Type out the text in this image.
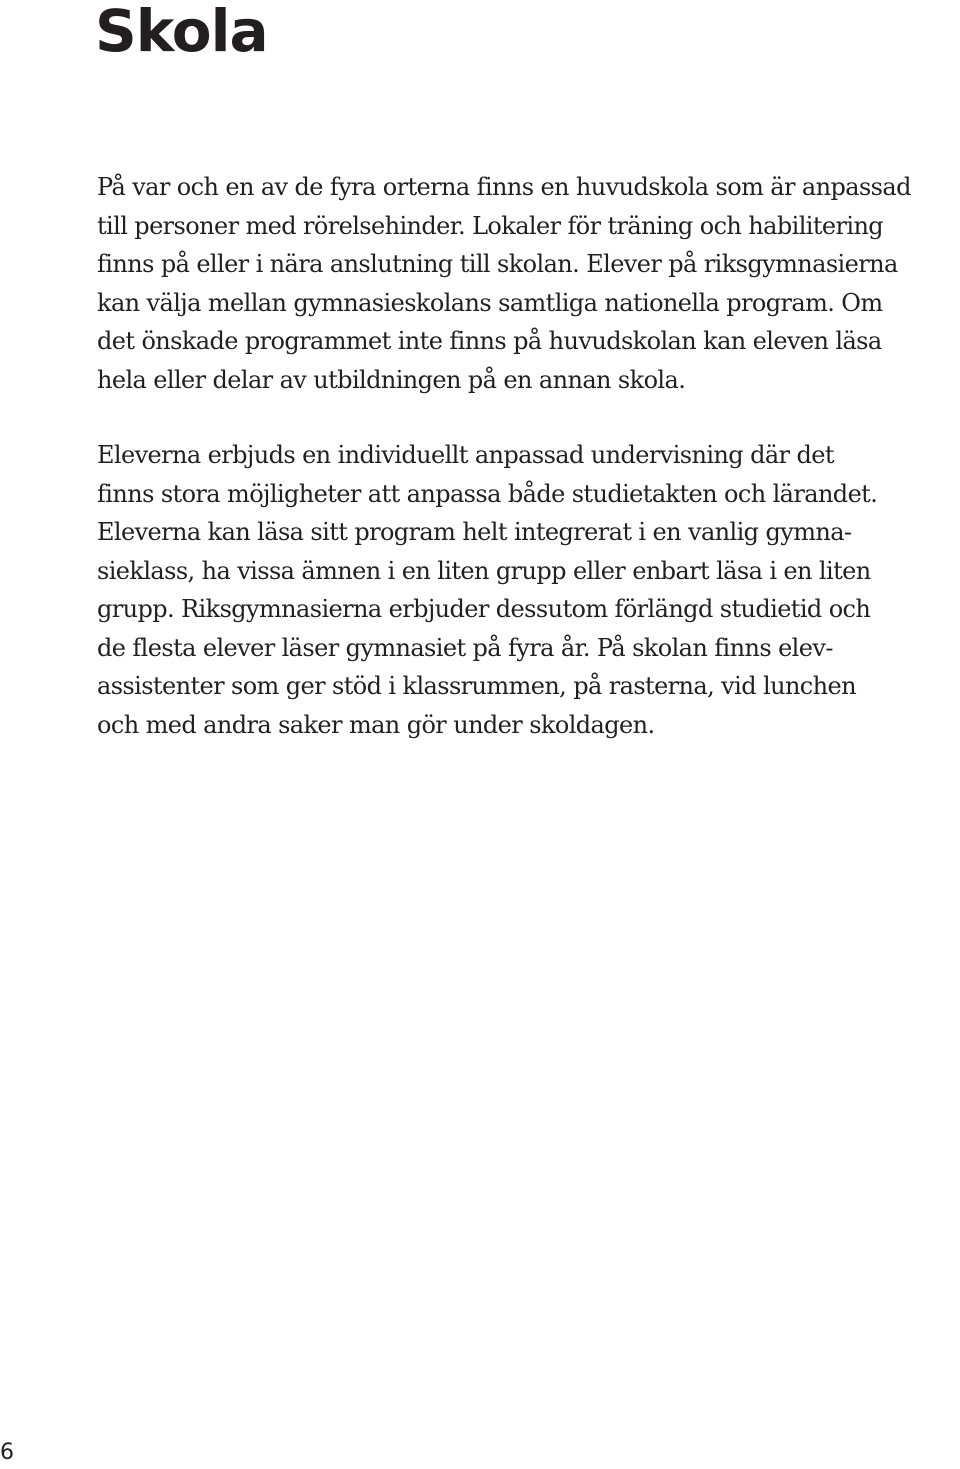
Skola

På var och en av de fyra orterna finns en huvudskola som är anpassad
till personer med rörelsehinder. Lokaler för träning och habilitering
finns på eller i nära anslutning till skolan. Elever på riksgymnasierna
kan välja mellan gymnasieskolans samtliga nationella program. Om
det önskade programmet inte finns på huvudskolan kan eleven läsa
hela eller delar av utbildningen på en annan skola.

Eleverna erbjuds en individuellt anpassad undervisning där det
finns stora möjligheter att anpassa både studietakten och lärandet.
Eleverna kan läsa sitt program helt integrerat i en vanlig gymna-
sieklass, ha vissa ämnen i en liten grupp eller enbart läsa i en liten
grupp. Riksgymnasierna erbjuder dessutom förlängd studietid och
de flesta elever läser gymnasiet på fyra år. På skolan finns elev-
assistenter som ger stöd i klassrummen, på rasterna, vid lunchen
och med andra saker man gör under skoldagen.

6
